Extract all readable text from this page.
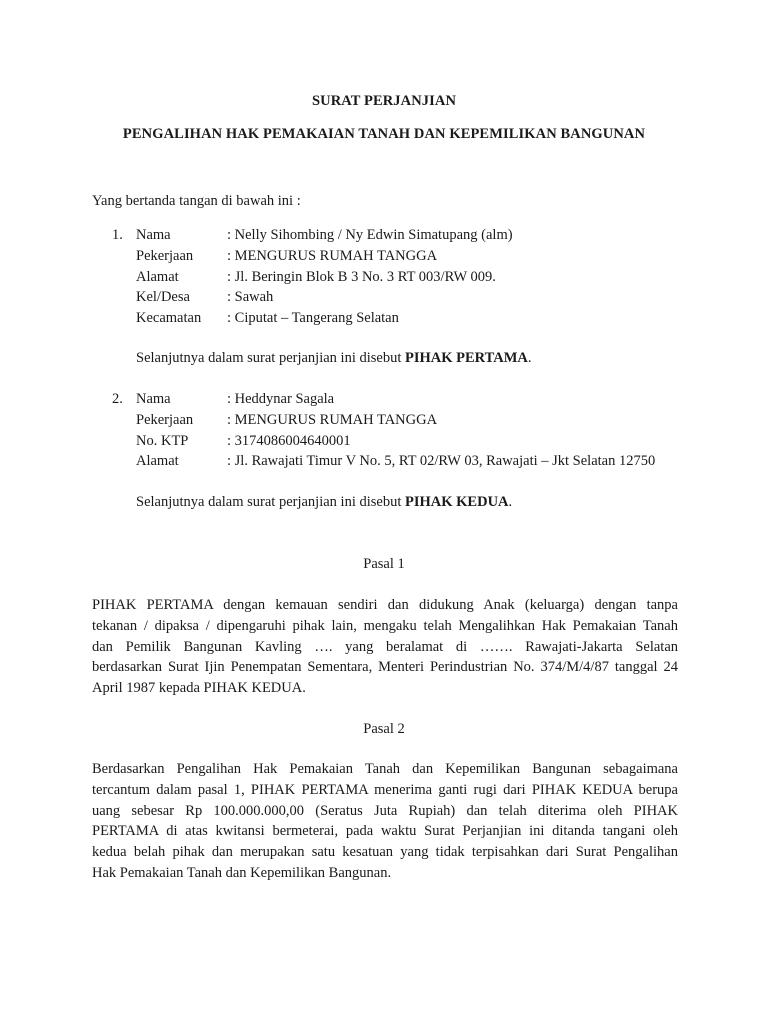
SURAT PERJANJIAN
PENGALIHAN HAK PEMAKAIAN TANAH DAN KEPEMILIKAN BANGUNAN
Yang bertanda tangan di bawah ini :
1. Nama	: Nelly Sihombing / Ny Edwin Simatupang (alm)
Pekerjaan : MENGURUS RUMAH TANGGA
Alamat	: Jl. Beringin Blok B 3 No. 3 RT 003/RW 009.
Kel/Desa	: Sawah
Kecamatan : Ciputat – Tangerang Selatan
Selanjutnya dalam surat perjanjian ini disebut PIHAK PERTAMA.
2. Nama	: Heddynar Sagala
Pekerjaan : MENGURUS RUMAH TANGGA
No. KTP	: 3174086004640001
Alamat	: Jl. Rawajati Timur V No. 5, RT 02/RW 03, Rawajati – Jkt Selatan 12750
Selanjutnya dalam surat perjanjian ini disebut PIHAK KEDUA.
Pasal 1
PIHAK PERTAMA dengan kemauan sendiri dan didukung Anak (keluarga) dengan tanpa
tekanan / dipaksa / dipengaruhi pihak lain, mengaku telah Mengalihkan Hak Pemakaian Tanah
dan Pemilik Bangunan Kavling …. yang beralamat di ……. Rawajati-Jakarta Selatan
berdasarkan Surat Ijin Penempatan Sementara, Menteri Perindustrian No. 374/M/4/87 tanggal 24
April 1987 kepada PIHAK KEDUA.
Pasal 2
Berdasarkan Pengalihan Hak Pemakaian Tanah dan Kepemilikan Bangunan sebagaimana
tercantum dalam pasal 1, PIHAK PERTAMA menerima ganti rugi dari PIHAK KEDUA berupa
uang sebesar Rp 100.000.000,00 (Seratus Juta Rupiah) dan telah diterima oleh PIHAK
PERTAMA di atas kwitansi bermeterai, pada waktu Surat Perjanjian ini ditanda tangani oleh
kedua belah pihak dan merupakan satu kesatuan yang tidak terpisahkan dari Surat Pengalihan
Hak Pemakaian Tanah dan Kepemilikan Bangunan.
